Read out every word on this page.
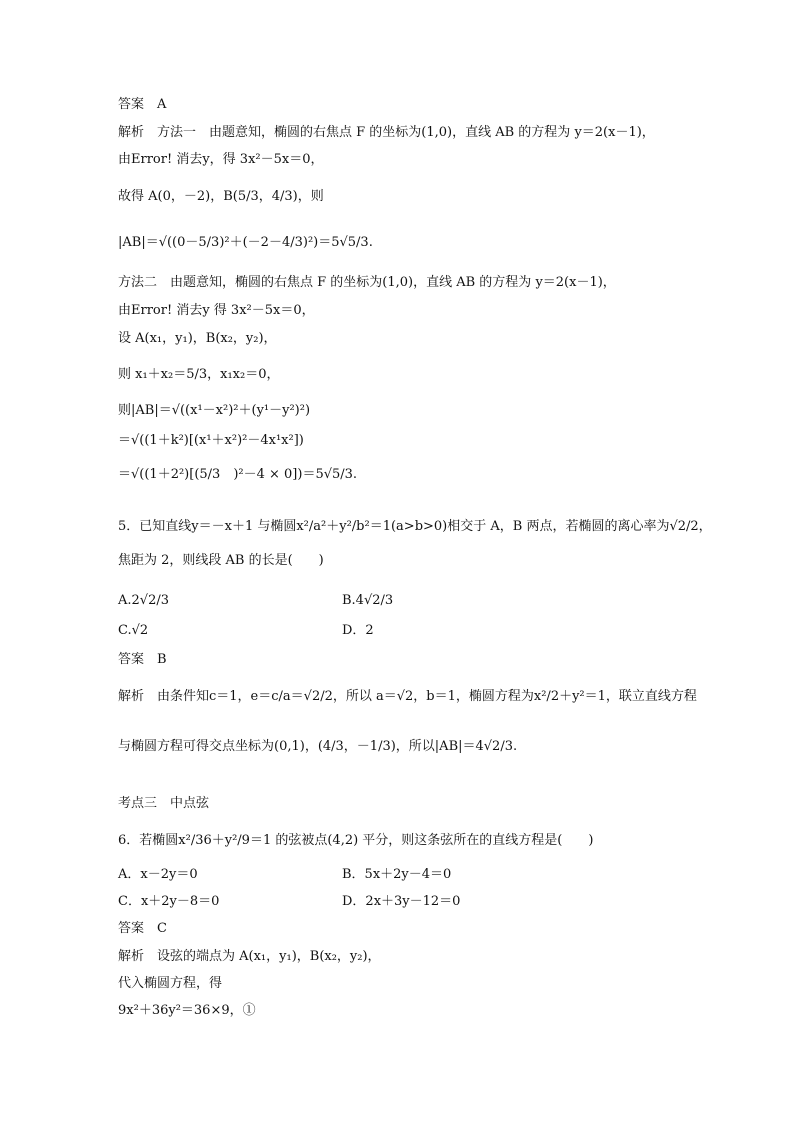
答案　A
解析　方法一　由题意知，椭圆的右焦点 F 的坐标为(1,0)，直线 AB 的方程为 y＝2(x－1)，
由Error! 消去y，得 3x²－5x＝0，
故得 A(0，－2)，B(5/3，4/3)，则
|AB|＝√((0－5/3)²＋(－2－4/3)²)＝5√5/3.
方法二　由题意知，椭圆的右焦点 F 的坐标为(1,0)，直线 AB 的方程为 y＝2(x－1)，
由Error! 消去y 得 3x²－5x＝0，
设 A(x₁，y₁)，B(x₂，y₂)，
则 x₁＋x₂＝5/3，x₁x₂＝0，
则|AB|＝√((x¹－x²)²＋(y¹－y²)²)
＝√((1＋k²)[(x¹＋x²)²－4x¹x²])
＝√((1＋2²)[(5/3　)²－4 × 0])＝5√5/3.
5．已知直线y＝－x＋1 与椭圆x²/a²＋y²/b²＝1(a>b>0)相交于 A，B 两点，若椭圆的离心率为√2/2，
焦距为 2，则线段 AB 的长是(　　)
A.2√2/3	B.4√2/3
C.√2	D．2
答案　B
解析　由条件知c＝1，e＝c/a＝√2/2，所以 a＝√2，b＝1，椭圆方程为x²/2＋y²＝1，联立直线方程
与椭圆方程可得交点坐标为(0,1)，(4/3，－1/3)，所以|AB|＝4√2/3.
考点三　中点弦
6．若椭圆x²/36＋y²/9＝1 的弦被点(4,2) 平分，则这条弦所在的直线方程是(　　)
A．x－2y＝0	B．5x＋2y－4＝0
C．x＋2y－8＝0	D．2x＋3y－12＝0
答案　C
解析　设弦的端点为 A(x₁，y₁)，B(x₂，y₂)，
代入椭圆方程，得
9x²＋36y²＝36×9，①
